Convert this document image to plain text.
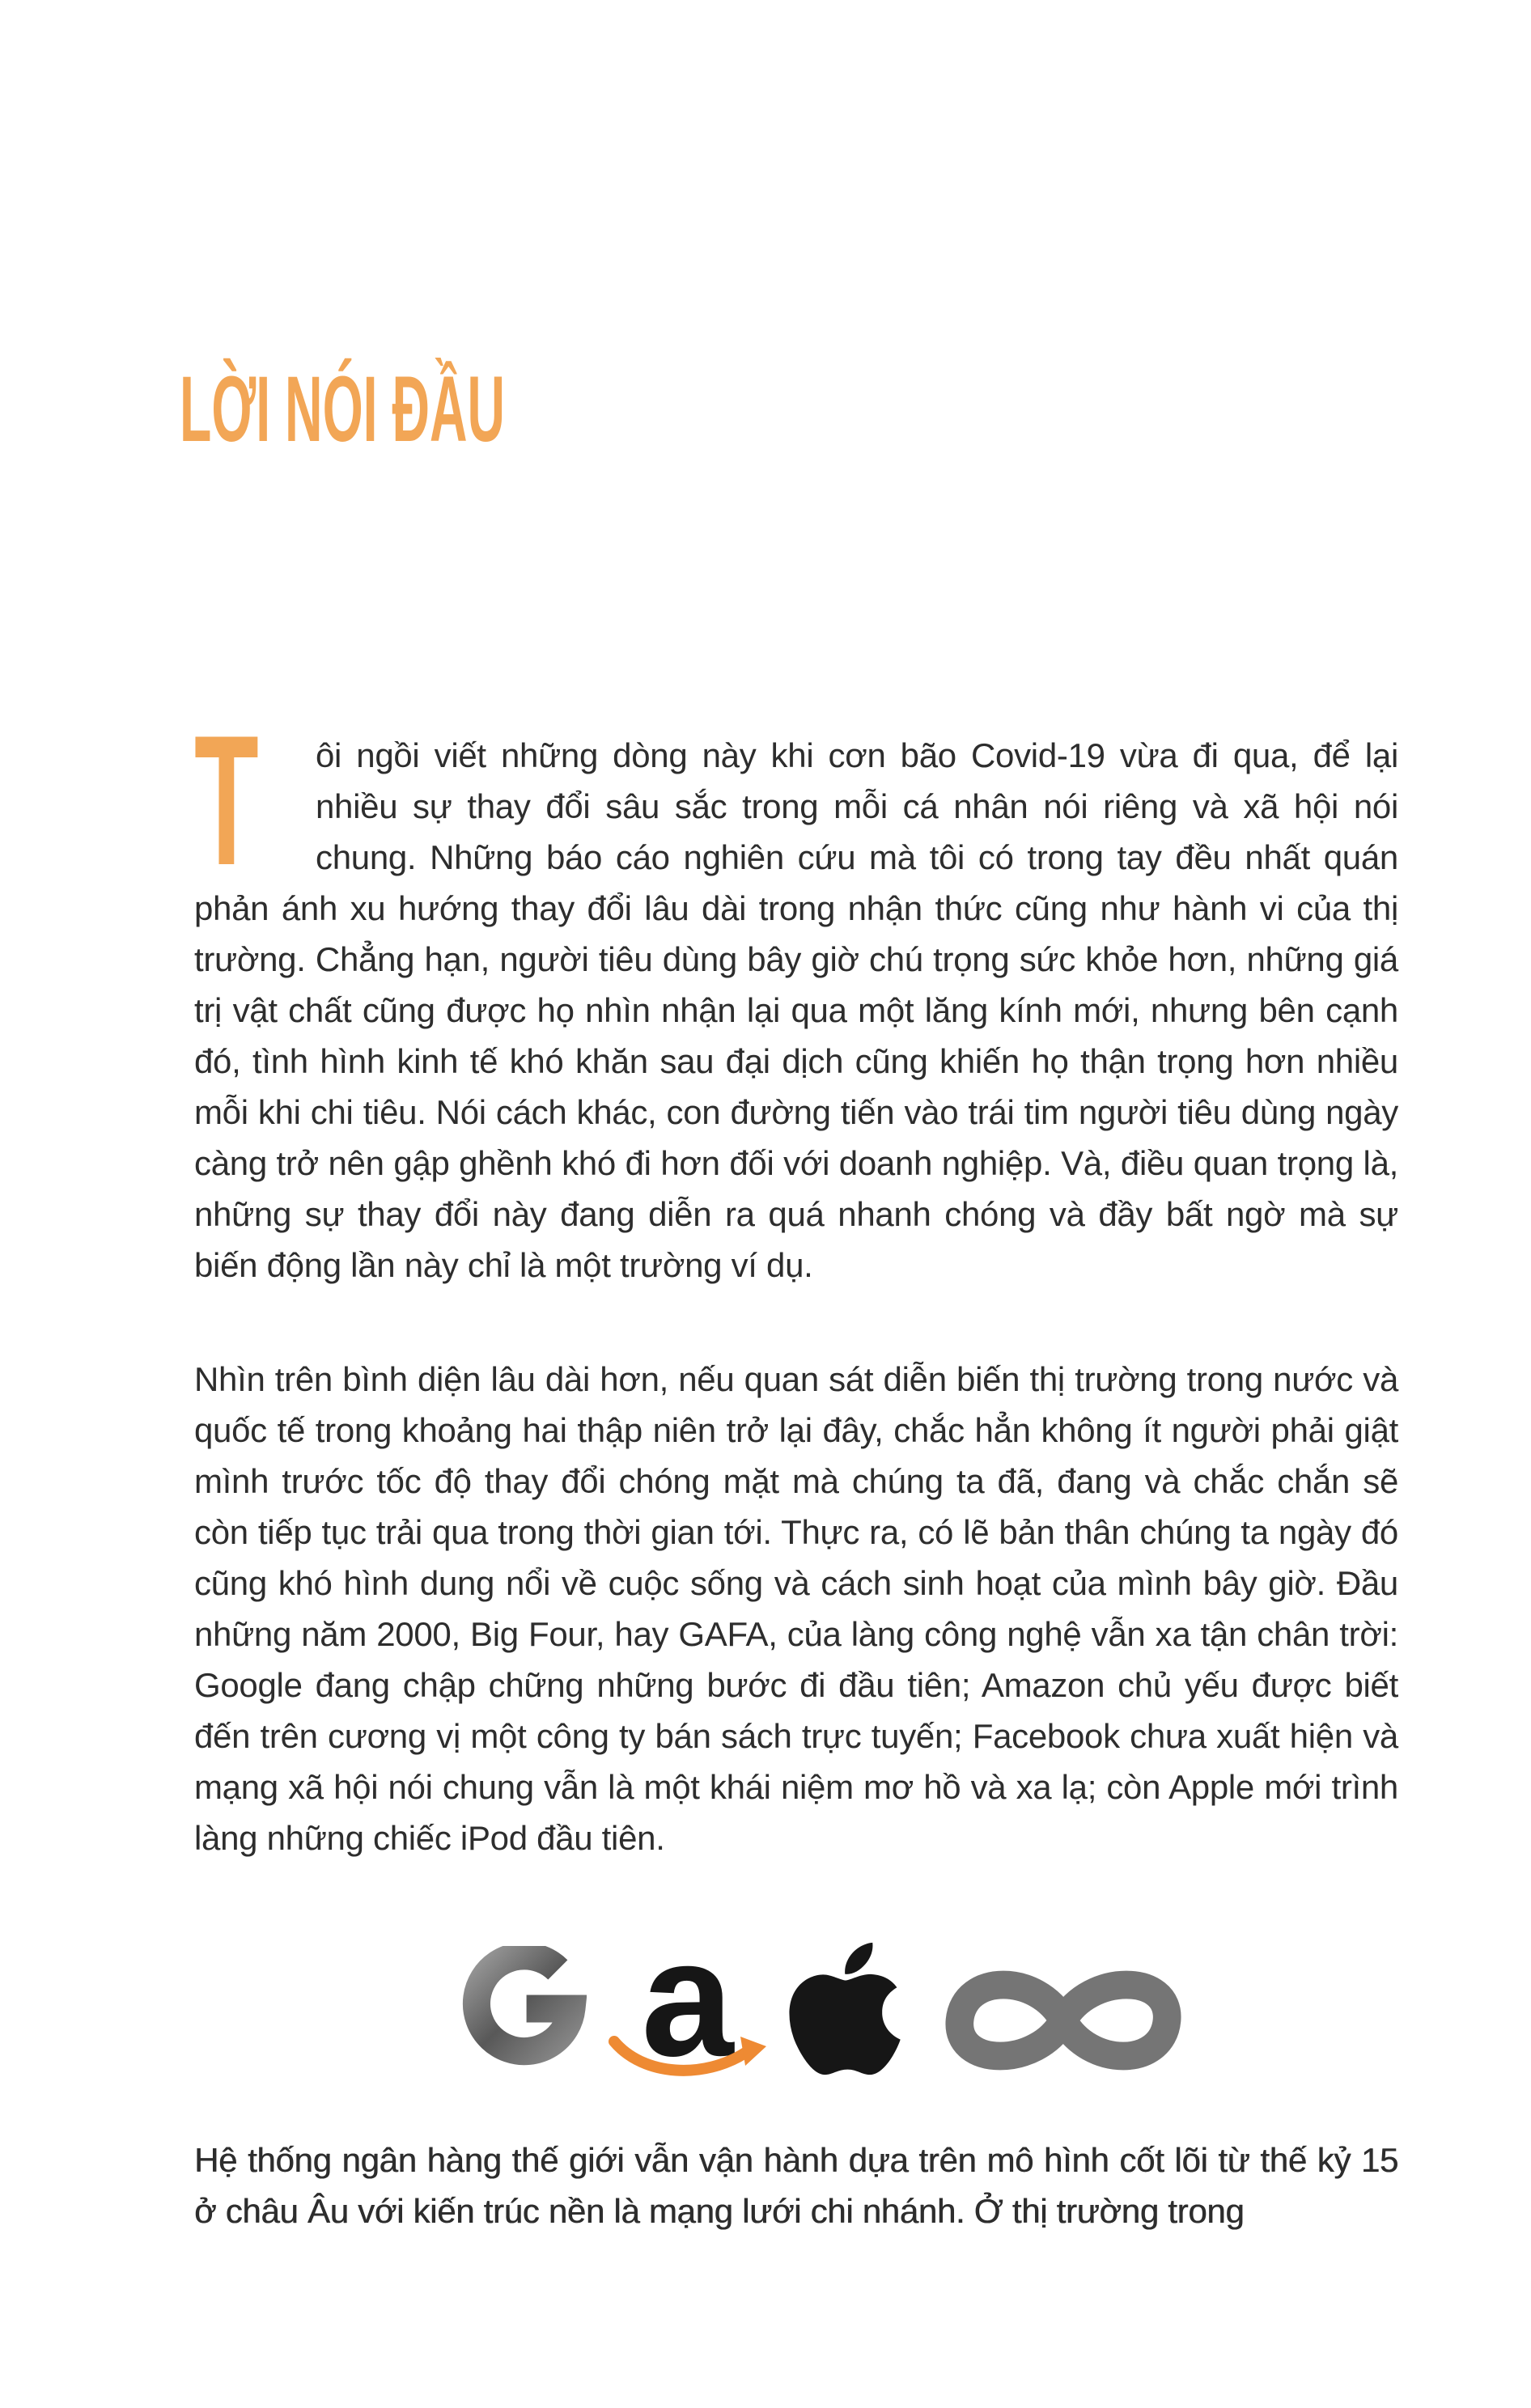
LỜI NÓI ĐẦU

T ôi ngồi viết những dòng này khi cơn bão Covid-19 vừa đi qua, để lại nhiều sự thay đổi sâu sắc trong mỗi cá nhân nói riêng và xã hội nói chung. Những báo cáo nghiên cứu mà tôi có trong tay đều nhất quán phản ánh xu hướng thay đổi lâu dài trong nhận thức cũng như hành vi của thị trường. Chẳng hạn, người tiêu dùng bây giờ chú trọng sức khỏe hơn, những giá trị vật chất cũng được họ nhìn nhận lại qua một lăng kính mới, nhưng bên cạnh đó, tình hình kinh tế khó khăn sau đại dịch cũng khiến họ thận trọng hơn nhiều mỗi khi chi tiêu. Nói cách khác, con đường tiến vào trái tim người tiêu dùng ngày càng trở nên gập ghềnh khó đi hơn đối với doanh nghiệp. Và, điều quan trọng là, những sự thay đổi này đang diễn ra quá nhanh chóng và đầy bất ngờ mà sự biến động lần này chỉ là một trường ví dụ.

Nhìn trên bình diện lâu dài hơn, nếu quan sát diễn biến thị trường trong nước và quốc tế trong khoảng hai thập niên trở lại đây, chắc hẳn không ít người phải giật mình trước tốc độ thay đổi chóng mặt mà chúng ta đã, đang và chắc chắn sẽ còn tiếp tục trải qua trong thời gian tới. Thực ra, có lẽ bản thân chúng ta ngày đó cũng khó hình dung nổi về cuộc sống và cách sinh hoạt của mình bây giờ. Đầu những năm 2000, Big Four, hay GAFA, của làng công nghệ vẫn xa tận chân trời: Google đang chập chững những bước đi đầu tiên; Amazon chủ yếu được biết đến trên cương vị một công ty bán sách trực tuyến; Facebook chưa xuất hiện và mạng xã hội nói chung vẫn là một khái niệm mơ hồ và xa lạ; còn Apple mới trình làng những chiếc iPod đầu tiên.

a

Hệ thống ngân hàng thế giới vẫn vận hành dựa trên mô hình cốt lõi từ thế kỷ 15 ở châu Âu với kiến trúc nền là mạng lưới chi nhánh. Ở thị trường trong
